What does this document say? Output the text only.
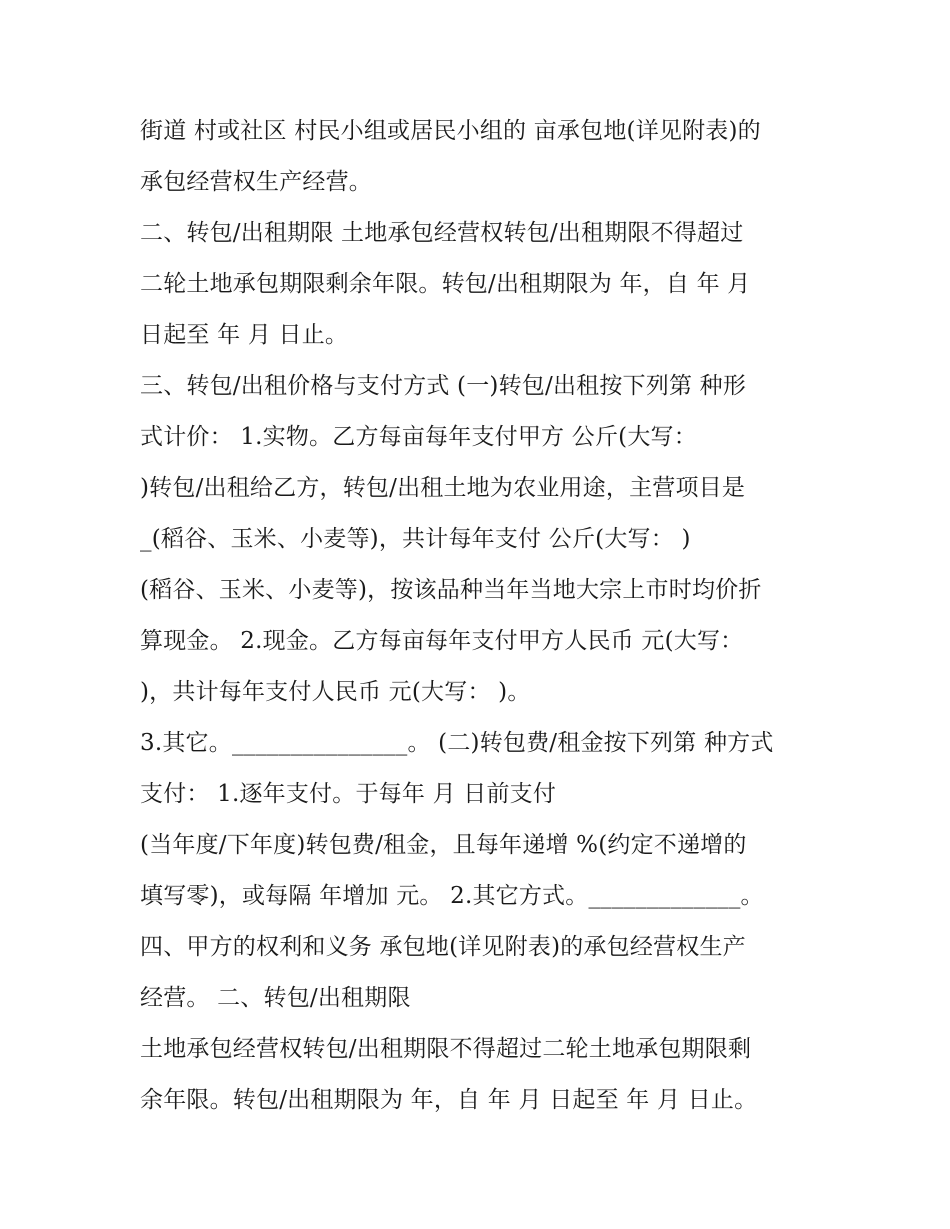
街道 村或社区 村民小组或居民小组的 亩承包地(详见附表)的
承包经营权生产经营。
二、转包/出租期限 土地承包经营权转包/出租期限不得超过
二轮土地承包期限剩余年限。转包/出租期限为 年，自 年 月
日起至 年 月 日止。
三、转包/出租价格与支付方式 (一)转包/出租按下列第 种形
式计价： 1.实物。乙方每亩每年支付甲方 公斤(大写：
)转包/出租给乙方，转包/出租土地为农业用途，主营项目是
_(稻谷、玉米、小麦等)，共计每年支付 公斤(大写： )
(稻谷、玉米、小麦等)，按该品种当年当地大宗上市时均价折
算现金。 2.现金。乙方每亩每年支付甲方人民币 元(大写：
)，共计每年支付人民币 元(大写： )。
3.其它。_______________。 (二)转包费/租金按下列第 种方式
支付： 1.逐年支付。于每年 月 日前支付
(当年度/下年度)转包费/租金，且每年递增 %(约定不递增的
填写零)，或每隔 年增加 元。 2.其它方式。_____________。
四、甲方的权利和义务 承包地(详见附表)的承包经营权生产
经营。 二、转包/出租期限
土地承包经营权转包/出租期限不得超过二轮土地承包期限剩
余年限。转包/出租期限为 年，自 年 月 日起至 年 月 日止。
